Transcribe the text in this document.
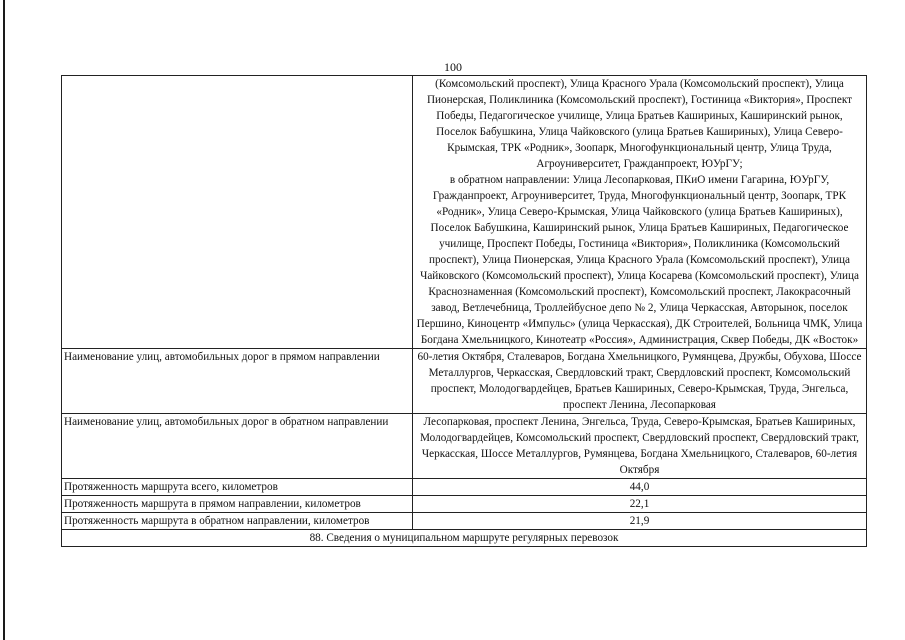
100

	(Комсомольский проспект), Улица Красного Урала (Комсомольский проспект), Улица Пионерская, Поликлиника (Комсомольский проспект), Гостиница «Виктория», Проспект Победы, Педагогическое училище, Улица Братьев Кашириных, Каширинский рынок, Поселок Бабушкина, Улица Чайковского (улица Братьев Кашириных), Улица Северо-Крымская, ТРК «Родник», Зоопарк, Многофункциональный центр, Улица Труда, Агроуниверситет, Гражданпроект, ЮУрГУ;
в обратном направлении: Улица Лесопарковая, ПКиО имени Гагарина, ЮУрГУ, Гражданпроект, Агроуниверситет, Труда, Многофункциональный центр, Зоопарк, ТРК «Родник», Улица Северо-Крымская, Улица Чайковского (улица Братьев Кашириных), Поселок Бабушкина, Каширинский рынок, Улица Братьев Кашириных, Педагогическое училище, Проспект Победы, Гостиница «Виктория», Поликлиника (Комсомольский проспект), Улица Пионерская, Улица Красного Урала (Комсомольский проспект), Улица Чайковского (Комсомольский проспект), Улица Косарева (Комсомольский проспект), Улица Краснознаменная (Комсомольский проспект), Комсомольский проспект, Лакокрасочный завод, Ветлечебница, Троллейбусное депо № 2, Улица Черкасская, Авторынок, поселок Першино, Киноцентр «Импульс» (улица Черкасская), ДК Строителей, Больница ЧМК, Улица Богдана Хмельницкого, Кинотеатр «Россия», Администрация, Сквер Победы, ДК «Восток»

Наименование улиц, автомобильных дорог в прямом направлении	60-летия Октября, Сталеваров, Богдана Хмельницкого, Румянцева, Дружбы, Обухова, Шоссе Металлургов, Черкасская, Свердловский тракт, Свердловский проспект, Комсомольский проспект, Молодогвардейцев, Братьев Кашириных, Северо-Крымская, Труда, Энгельса, проспект Ленина, Лесопарковая
Наименование улиц, автомобильных дорог в обратном направлении	Лесопарковая, проспект Ленина, Энгельса, Труда, Северо-Крымская, Братьев Кашириных, Молодогвардейцев, Комсомольский проспект, Свердловский проспект, Свердловский тракт, Черкасская, Шоссе Металлургов, Румянцева, Богдана Хмельницкого, Сталеваров, 60-летия Октября
Протяженность маршрута всего, километров	44,0
Протяженность маршрута в прямом направлении, километров	22,1
Протяженность маршрута в обратном направлении, километров	21,9
88. Сведения о муниципальном маршруте регулярных перевозок	
